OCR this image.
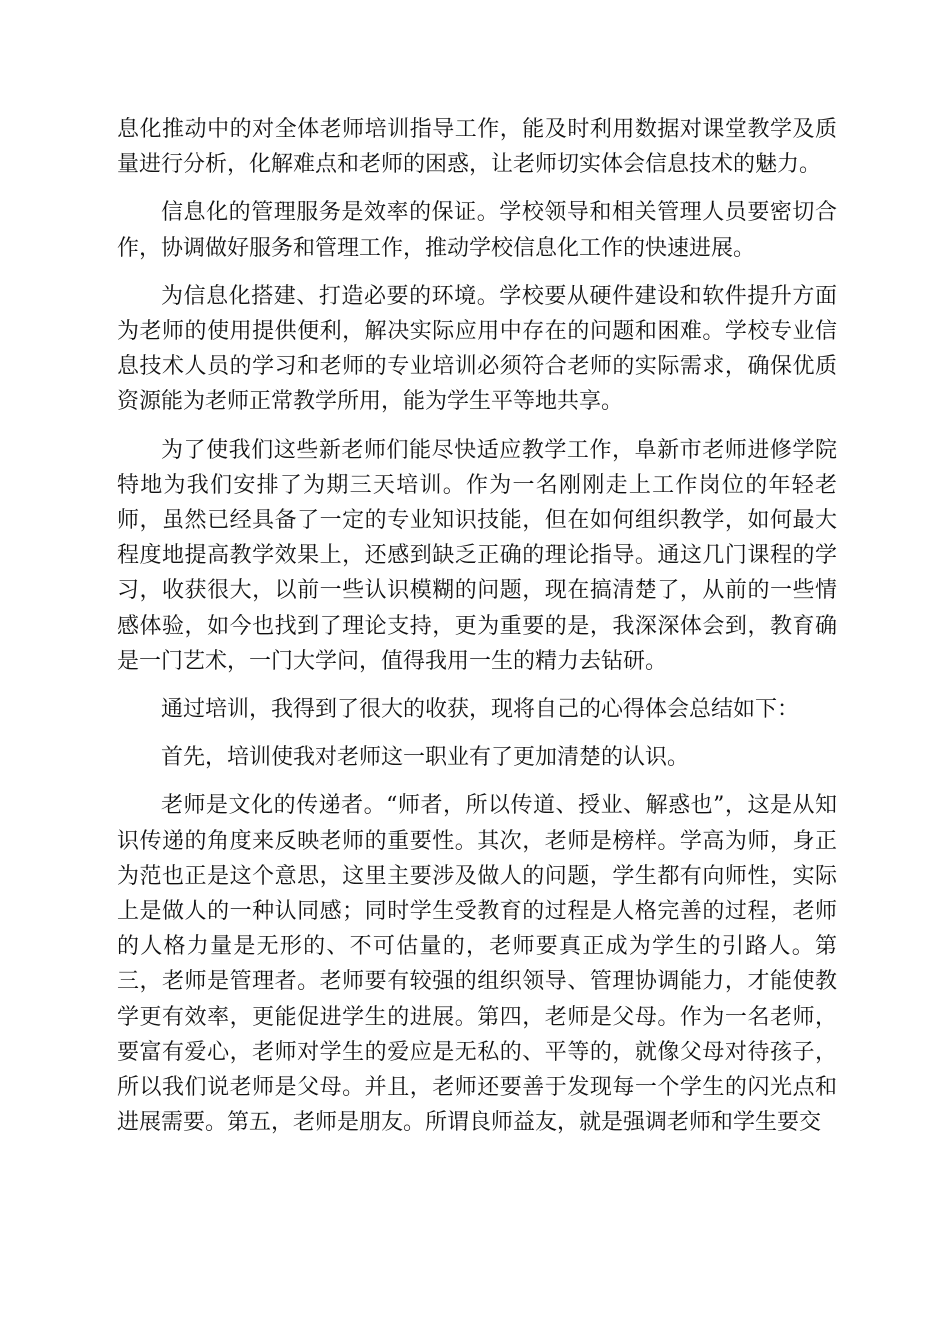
息化推动中的对全体老师培训指导工作，能及时利用数据对课堂教学及质量进行分析，化解难点和老师的困惑，让老师切实体会信息技术的魅力。

信息化的管理服务是效率的保证。学校领导和相关管理人员要密切合作，协调做好服务和管理工作，推动学校信息化工作的快速进展。

为信息化搭建、打造必要的环境。学校要从硬件建设和软件提升方面为老师的使用提供便利，解决实际应用中存在的问题和困难。学校专业信息技术人员的学习和老师的专业培训必须符合老师的实际需求，确保优质资源能为老师正常教学所用，能为学生平等地共享。

为了使我们这些新老师们能尽快适应教学工作，阜新市老师进修学院特地为我们安排了为期三天培训。作为一名刚刚走上工作岗位的年轻老师，虽然已经具备了一定的专业知识技能，但在如何组织教学，如何最大程度地提高教学效果上，还感到缺乏正确的理论指导。通这几门课程的学习，收获很大，以前一些认识模糊的问题，现在搞清楚了，从前的一些情感体验，如今也找到了理论支持，更为重要的是，我深深体会到，教育确是一门艺术，一门大学问，值得我用一生的精力去钻研。

通过培训，我得到了很大的收获，现将自己的心得体会总结如下：

首先，培训使我对老师这一职业有了更加清楚的认识。

老师是文化的传递者。“师者，所以传道、授业、解惑也”，这是从知识传递的角度来反映老师的重要性。其次，老师是榜样。学高为师，身正为范也正是这个意思，这里主要涉及做人的问题，学生都有向师性，实际上是做人的一种认同感；同时学生受教育的过程是人格完善的过程，老师的人格力量是无形的、不可估量的，老师要真正成为学生的引路人。第三，老师是管理者。老师要有较强的组织领导、管理协调能力，才能使教学更有效率，更能促进学生的进展。第四，老师是父母。作为一名老师，要富有爱心，老师对学生的爱应是无私的、平等的，就像父母对待孩子，所以我们说老师是父母。并且，老师还要善于发现每一个学生的闪光点和进展需要。第五，老师是朋友。所谓良师益友，就是强调老师和学生要交
